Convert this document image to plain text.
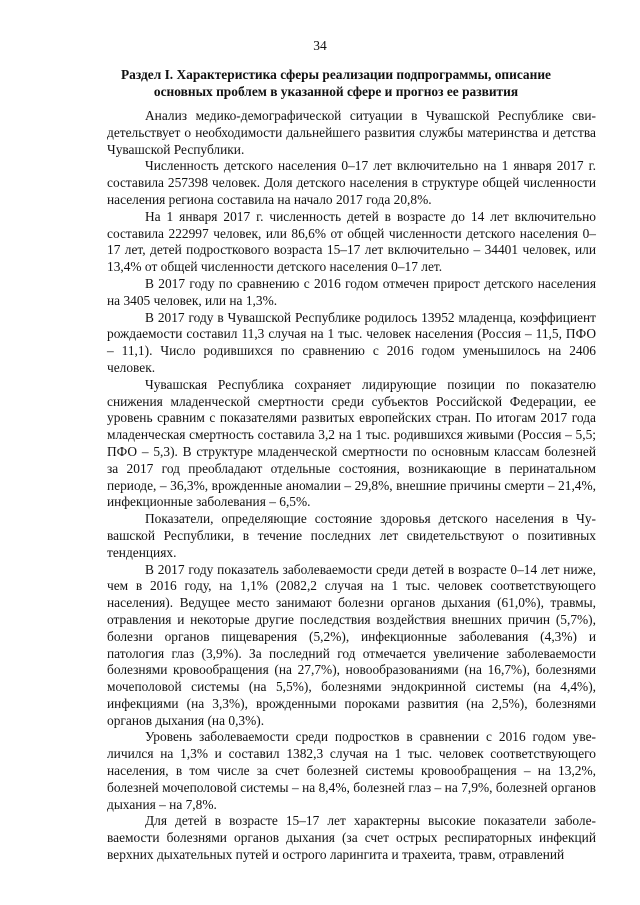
34
Раздел I. Характеристика сферы реализации подпрограммы, описание
основных проблем в указанной сфере и прогноз ее развития

Анализ медико-демографической ситуации в Чувашской Республике свидетельствует о необходимости дальнейшего развития службы материнства и детства Чувашской Республики.

Численность детского населения 0–17 лет включительно на 1 января 2017 г. составила 257398 человек. Доля детского населения в структуре общей численности населения региона составила на начало 2017 года 20,8%.

На 1 января 2017 г. численность детей в возрасте до 14 лет включительно составила 222997 человек, или 86,6% от общей численности детского населения 0–17 лет, детей подросткового возраста 15–17 лет включительно – 34401 человек, или 13,4% от общей численности детского населения 0–17 лет.

В 2017 году по сравнению с 2016 годом отмечен прирост детского населения на 3405 человек, или на 1,3%.

В 2017 году в Чувашской Республике родилось 13952 младенца, коэффициент рождаемости составил 11,3 случая на 1 тыс. человек населения (Россия – 11,5, ПФО – 11,1). Число родившихся по сравнению с 2016 годом уменьшилось на 2406 человек.

Чувашская Республика сохраняет лидирующие позиции по показателю снижения младенческой смертности среди субъектов Российской Федерации, ее уровень сравним с показателями развитых европейских стран. По итогам 2017 года младенческая смертность составила 3,2 на 1 тыс. родившихся живыми (Россия – 5,5; ПФО – 5,3). В структуре младенческой смертности по основным классам болезней за 2017 год преобладают отдельные состояния, возникающие в перинатальном периоде, – 36,3%, врожденные аномалии – 29,8%, внешние причины смерти – 21,4%, инфекционные заболевания – 6,5%.

Показатели, определяющие состояние здоровья детского населения в Чувашской Республики, в течение последних лет свидетельствуют о позитивных тенденциях.

В 2017 году показатель заболеваемости среди детей в возрасте 0–14 лет ниже, чем в 2016 году, на 1,1% (2082,2 случая на 1 тыс. человек соответствующего населения). Ведущее место занимают болезни органов дыхания (61,0%), травмы, отравления и некоторые другие последствия воздействия внешних причин (5,7%), болезни органов пищеварения (5,2%), инфекционные заболевания (4,3%) и патология глаз (3,9%). За последний год отмечается увеличение заболеваемости болезнями кровообращения (на 27,7%), новообразованиями (на 16,7%), болезнями мочеполовой системы (на 5,5%), болезнями эндокринной системы (на 4,4%), инфекциями (на 3,3%), врожденными пороками развития (на 2,5%), болезнями органов дыхания (на 0,3%).

Уровень заболеваемости среди подростков в сравнении с 2016 годом увеличился на 1,3% и составил 1382,3 случая на 1 тыс. человек соответствующего населения, в том числе за счет болезней системы кровообращения – на 13,2%, болезней мочеполовой системы – на 8,4%, болезней глаз – на 7,9%, болезней органов дыхания – на 7,8%.

Для детей в возрасте 15–17 лет характерны высокие показатели заболеваемости болезнями органов дыхания (за счет острых респираторных инфекций верхних дыхательных путей и острого ларингита и трахеита, травм, отравлений
